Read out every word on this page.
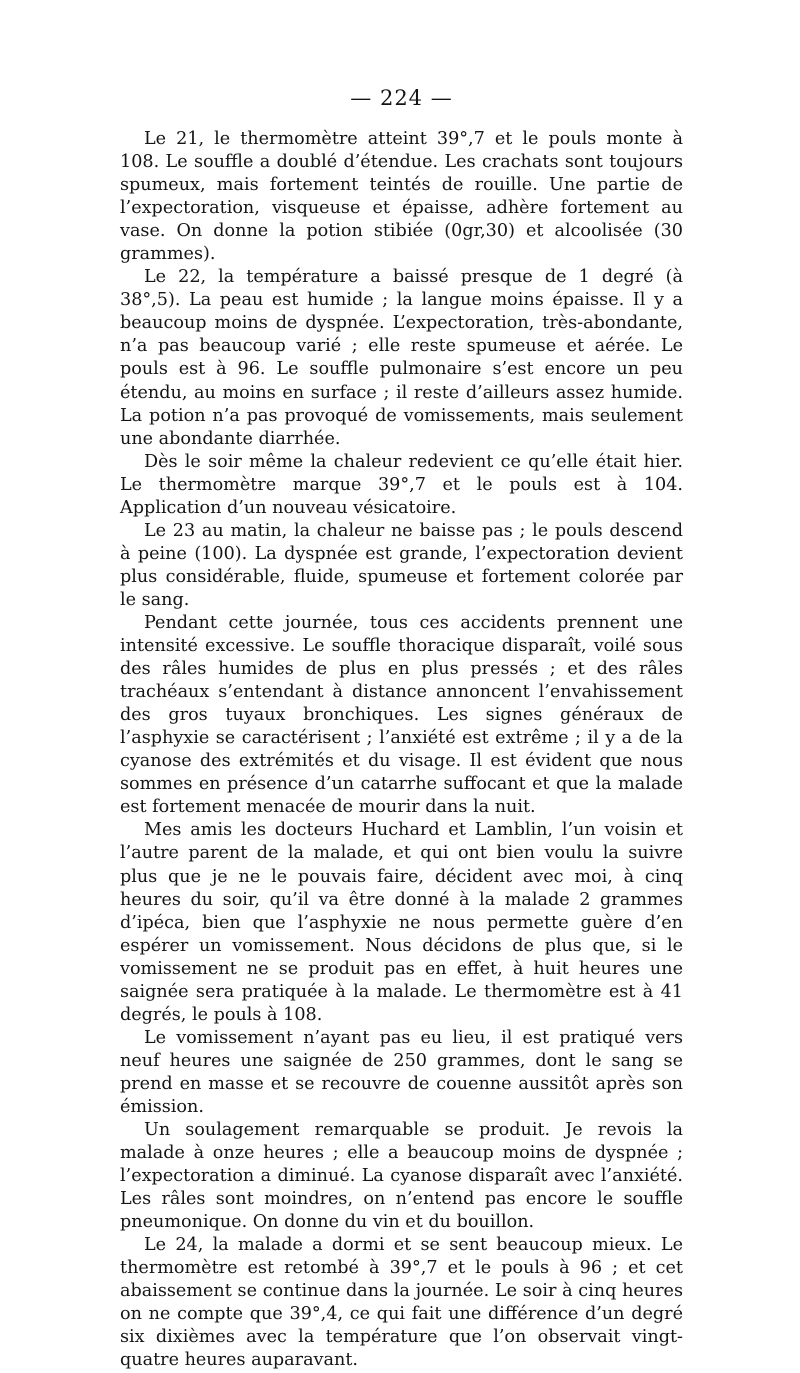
— 224 —

Le 21, le thermomètre atteint 39°,7 et le pouls monte à 108. Le souffle a doublé d’étendue. Les crachats sont toujours spumeux, mais fortement teintés de rouille. Une partie de l’expectoration, visqueuse et épaisse, adhère fortement au vase. On donne la potion stibiée (0gr,30) et alcoolisée (30 grammes).

Le 22, la température a baissé presque de 1 degré (à 38°,5). La peau est humide ; la langue moins épaisse. Il y a beaucoup moins de dyspnée. L’expectoration, très-abondante, n’a pas beaucoup varié ; elle reste spumeuse et aérée. Le pouls est à 96. Le souffle pulmonaire s’est encore un peu étendu, au moins en surface ; il reste d’ailleurs assez humide. La potion n’a pas provoqué de vomissements, mais seulement une abondante diarrhée.

Dès le soir même la chaleur redevient ce qu’elle était hier. Le thermomètre marque 39°,7 et le pouls est à 104. Application d’un nouveau vésicatoire.

Le 23 au matin, la chaleur ne baisse pas ; le pouls descend à peine (100). La dyspnée est grande, l’expectoration devient plus considérable, fluide, spumeuse et fortement colorée par le sang.

Pendant cette journée, tous ces accidents prennent une intensité excessive. Le souffle thoracique disparaît, voilé sous des râles humides de plus en plus pressés ; et des râles trachéaux s’entendant à distance annoncent l’envahissement des gros tuyaux bronchiques. Les signes généraux de l’asphyxie se caractérisent ; l’anxiété est extrême ; il y a de la cyanose des extrémités et du visage. Il est évident que nous sommes en présence d’un catarrhe suffocant et que la malade est fortement menacée de mourir dans la nuit.

Mes amis les docteurs Huchard et Lamblin, l’un voisin et l’autre parent de la malade, et qui ont bien voulu la suivre plus que je ne le pouvais faire, décident avec moi, à cinq heures du soir, qu’il va être donné à la malade 2 grammes d’ipéca, bien que l’asphyxie ne nous permette guère d’en espérer un vomissement. Nous décidons de plus que, si le vomissement ne se produit pas en effet, à huit heures une saignée sera pratiquée à la malade. Le thermomètre est à 41 degrés, le pouls à 108.

Le vomissement n’ayant pas eu lieu, il est pratiqué vers neuf heures une saignée de 250 grammes, dont le sang se prend en masse et se recouvre de couenne aussitôt après son émission.

Un soulagement remarquable se produit. Je revois la malade à onze heures ; elle a beaucoup moins de dyspnée ; l’expectoration a diminué. La cyanose disparaît avec l’anxiété. Les râles sont moindres, on n’entend pas encore le souffle pneumonique. On donne du vin et du bouillon.

Le 24, la malade a dormi et se sent beaucoup mieux. Le thermomètre est retombé à 39°,7 et le pouls à 96 ; et cet abaissement se continue dans la journée. Le soir à cinq heures on ne compte que 39°,4, ce qui fait une différence d’un degré six dixièmes avec la température que l’on observait vingt-quatre heures auparavant.
